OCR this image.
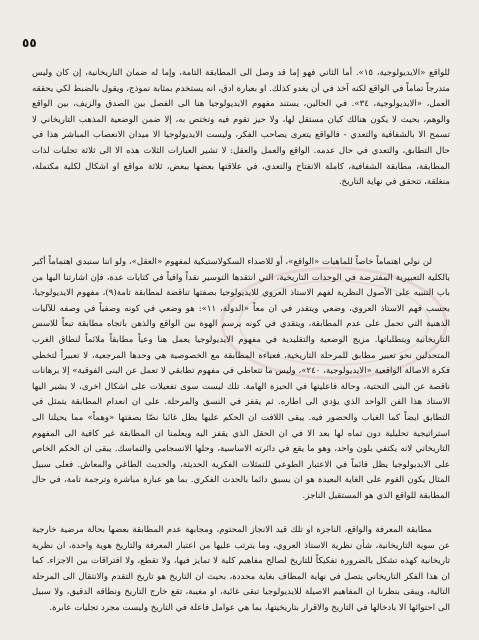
٥٥

للواقع «الايديولوجية، ١٥». أما الثاني فهو إما قد وصل الى المطابقة التامة، وإما له ضمان التاريخانية، إن كان وليس متدرجاً تماماً في الواقع لكنه آخذ في أن يغدو كذلك. او بعبارة ادق، انه يستخدم بمثابة نموذج، ويقول بالضبط لكي يحققه العمل، «الايديولوجية، ٣٤». في الحالين، يستند مفهوم الايديولوجيا هنا الى الفصل بين الصدق والزيف، بين الواقع والوهم، بحيث لا يكون هنالك كيان مستقل لها، ولا حيز تقوم فيه وتختص به، إلا ضمن الوضعية المذهب التاريخاني لا تسمح الا بالشفافية والتعدي - فالواقع يتعرى يصاحب الفكر، وليست الايديولوجيا الا ميدان الانعصاب المباشر هذا في حال التطابق، والتعدي في حال عدمه. الواقع والعمل والعقل: لا تشير العبارات الثلاث هذه الا الى ثلاثة تجليات لذات المطابقة، مطابقة الشفافية، كاملة الانفتاح والتعدي، في علاقتها بعضها ببعض، ثلاثة مواقع او اشكال لكلية مكتملة، منغلقة، تتحقق في نهاية التاريخ.

لن نولي اهتماماً خاصاً للماهيات «الواقع»، أو للاصداء السكولاستيكية لمفهوم «العقل»، ولو اننا سنبدي اهتماماً أكبر بالكلية التعبيرية المفترضة في الوحدات التاريخية، التي انتقدها التوسير نقداً وافياً في كتابات عدة، فإن اشارتنا اليها من باب التنبيه على الأصول النظرية لفهم الاستاذ العروي للايديولوجيا بصفتها تناقضة لمطابقة تامة(٩)، مفهوم الايديولوجيا، بحسب فهم الاستاذ العروي، وضعي ويتقدر في ان معاً «الدولة، ١١»: هو وضعي في كونه وصفياً في وصفه للآليات الذهنية التي تحمل على عدم المطابقة، ويتقدي في كونه يرسم الهوة بين الواقع والذهن باتجاه مطابقة تبعاً للاسس التاريخانية ويتطلباتها. مزيج الوضعية والتقليدية في مفهوم الايديولوجيا يعمل هنا وعياً مطابقاً ملائماً لنطاق الغرب المتحدلين نحو تعبير مطابق للمرحلة التاريخية، فعباءة المطابقة مع الخصوصية هي وحدها المرجعية، لا تعبيراً لتخطي فكرة الاصالة الواقعية «الايديولوجية، ٢٤٠»، وليس ما تتعاطي في مفهوم تطابقي لا تعمل عن البنى الفوقية» إلا برهانات ناقصة عن البنى التحتية، وحالة فاعليتها في الحيزة الهامة. تلك ليست سوى تفعيلات على اشكال اخرى، لا يشير اليها الاستاذ هذا الفن الواحد الذي يؤدي الى اطاره. ثم يقفز في النسق والمرحلة. على ان انعدام المطابقة يتمثل في التطابق ايضاً كما الغياب والحضور فيه. يبقى اللافت ان الحكم عليها يظل غائبا نصّا بصفتها «وهماً» مما يحيلنا الى استراتيجية تحليلية دون تماه لها بعد الا في ان الحقل الذي يقفز اليه ويعلمنا ان المطابقة غير كافية الى المفهوم التاريخاني لانه يكتفي بلون واحد، وهو ما يقع في دائرته الاساسية، وحلها الانسجامي والتماسك. يبقى ان الحكم الخاص على الايديولوجيا يظل قائماً في الاعتبار الطوعي للتمثلات الفكرية الحديثة، والحديث الطاغي والمعاش. فعلى سبيل المثال يكون القوم على الغاية البعيدة هو ان يسبق دائما بالحدث الفكري. بما هو عبارة مباشرة وترجمة تامة، في حال المطابقة للواقع الذي هو المستقبل الناجز.

مطابقة المعرفة والواقع، الناجزة او تلك قيد الانجاز المحتوم، ومجابهة عدم المطابقة بعضها بحالة مرضية خارجية عن سوية التاريخانية، شأن نظرية الاستاذ العروي، وما يترتب عليها من اعتبار المعرفة والتاريخ هوية واحدة، ان نظرية تاريخانية كهذه تشكل بالضرورة تفكيكاً للتاريخ لصالح مفاهيم كلية لا تمايز فيها، ولا تقطع، ولا افتراقات بين الاجزاء. كما ان هذا الفكر التاريخاني يتصل في نهاية المطاف بغاية محددة، بحيث ان التاريخ هو تاريخ التقدم والانتقال الى المرحلة التالية، ويبقى بنظرنا ان المفاهيم الاصيلة للايديولوجيا تبقى غائبة، او مغيبة، تقع خارج التاريخ ونطاقه الدقيق، ولا سبيل الى احتوائها الا بادخالها في التاريخ والاقرار بتاريخيتها، بما هي عوامل فاعلة في التاريخ وليست مجرد تجليات عابرة.
